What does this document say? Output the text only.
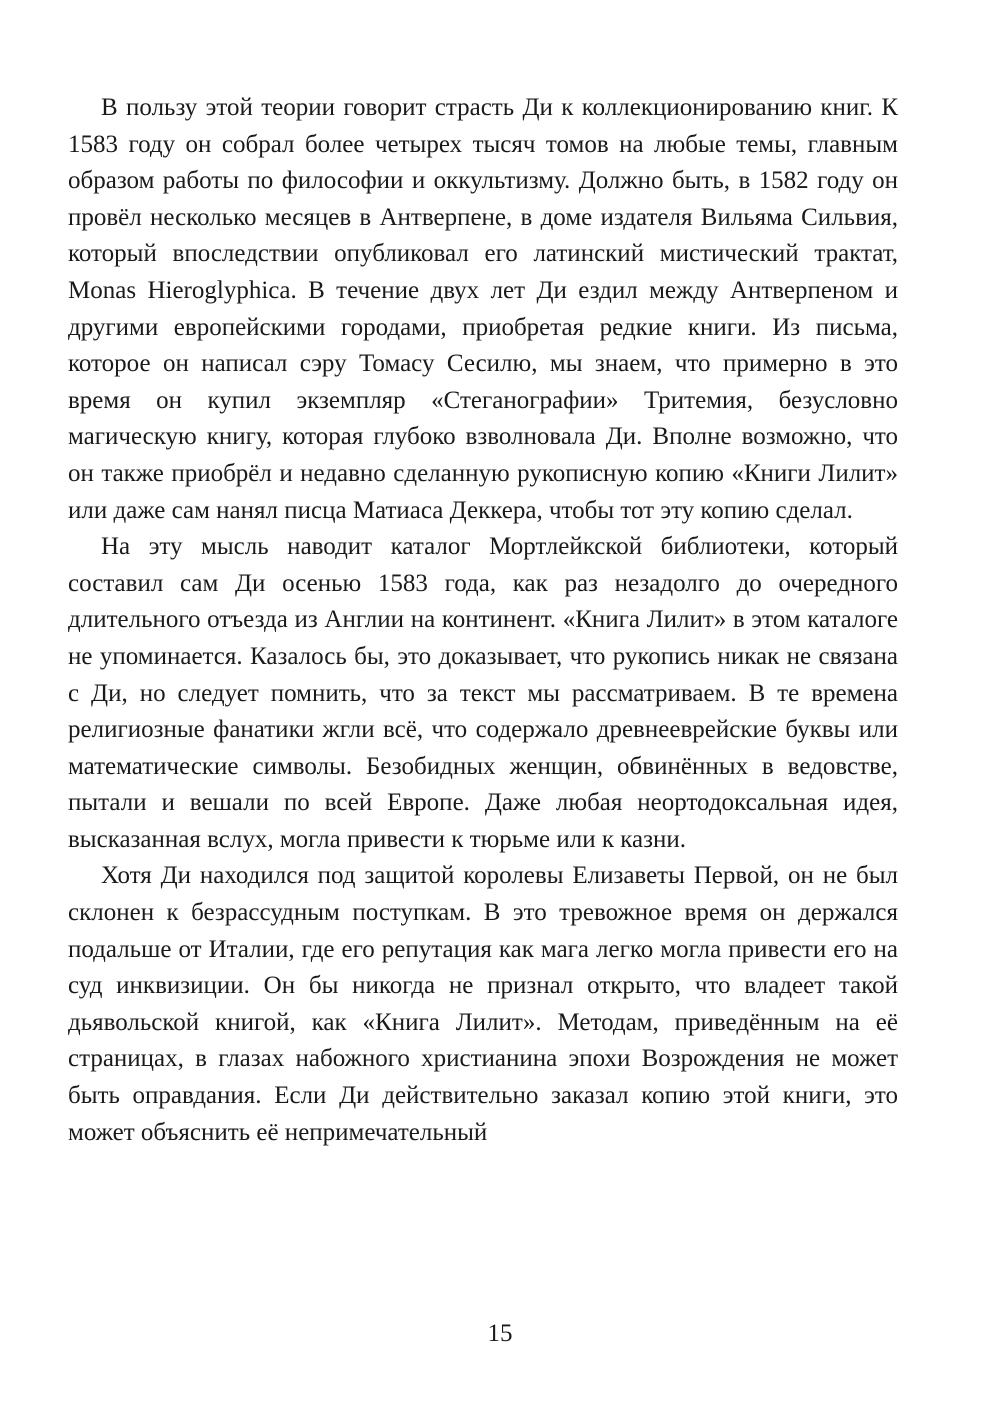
В пользу этой теории говорит страсть Ди к коллекционированию книг. К 1583 году он собрал более четырех тысяч томов на любые темы, главным образом работы по философии и оккультизму. Должно быть, в 1582 году он провёл несколько месяцев в Антверпене, в доме издателя Вильяма Сильвия, который впоследствии опубликовал его латинский мистический трактат, Monas Hieroglyphica. В течение двух лет Ди ездил между Антверпеном и другими европейскими городами, приобретая редкие книги. Из письма, которое он написал сэру Томасу Сесилю, мы знаем, что примерно в это время он купил экземпляр «Стеганографии» Тритемия, безусловно магическую книгу, которая глубоко взволновала Ди. Вполне возможно, что он также приобрёл и недавно сделанную рукописную копию «Книги Лилит» или даже сам нанял писца Матиаса Деккера, чтобы тот эту копию сделал.

На эту мысль наводит каталог Мортлейкской библиотеки, который составил сам Ди осенью 1583 года, как раз незадолго до очередного длительного отъезда из Англии на континент. «Книга Лилит» в этом каталоге не упоминается. Казалось бы, это доказывает, что рукопись никак не связана с Ди, но следует помнить, что за текст мы рассматриваем. В те времена религиозные фанатики жгли всё, что содержало древнееврейские буквы или математические символы. Безобидных женщин, обвинённых в ведовстве, пытали и вешали по всей Европе. Даже любая неортодоксальная идея, высказанная вслух, могла привести к тюрьме или к казни.

Хотя Ди находился под защитой королевы Елизаветы Первой, он не был склонен к безрассудным поступкам. В это тревожное время он держался подальше от Италии, где его репутация как мага легко могла привести его на суд инквизиции. Он бы никогда не признал открыто, что владеет такой дьявольской книгой, как «Книга Лилит». Методам, приведённым на её страницах, в глазах набожного христианина эпохи Возрождения не может быть оправдания. Если Ди действительно заказал копию этой книги, это может объяснить её непримечательный

15
